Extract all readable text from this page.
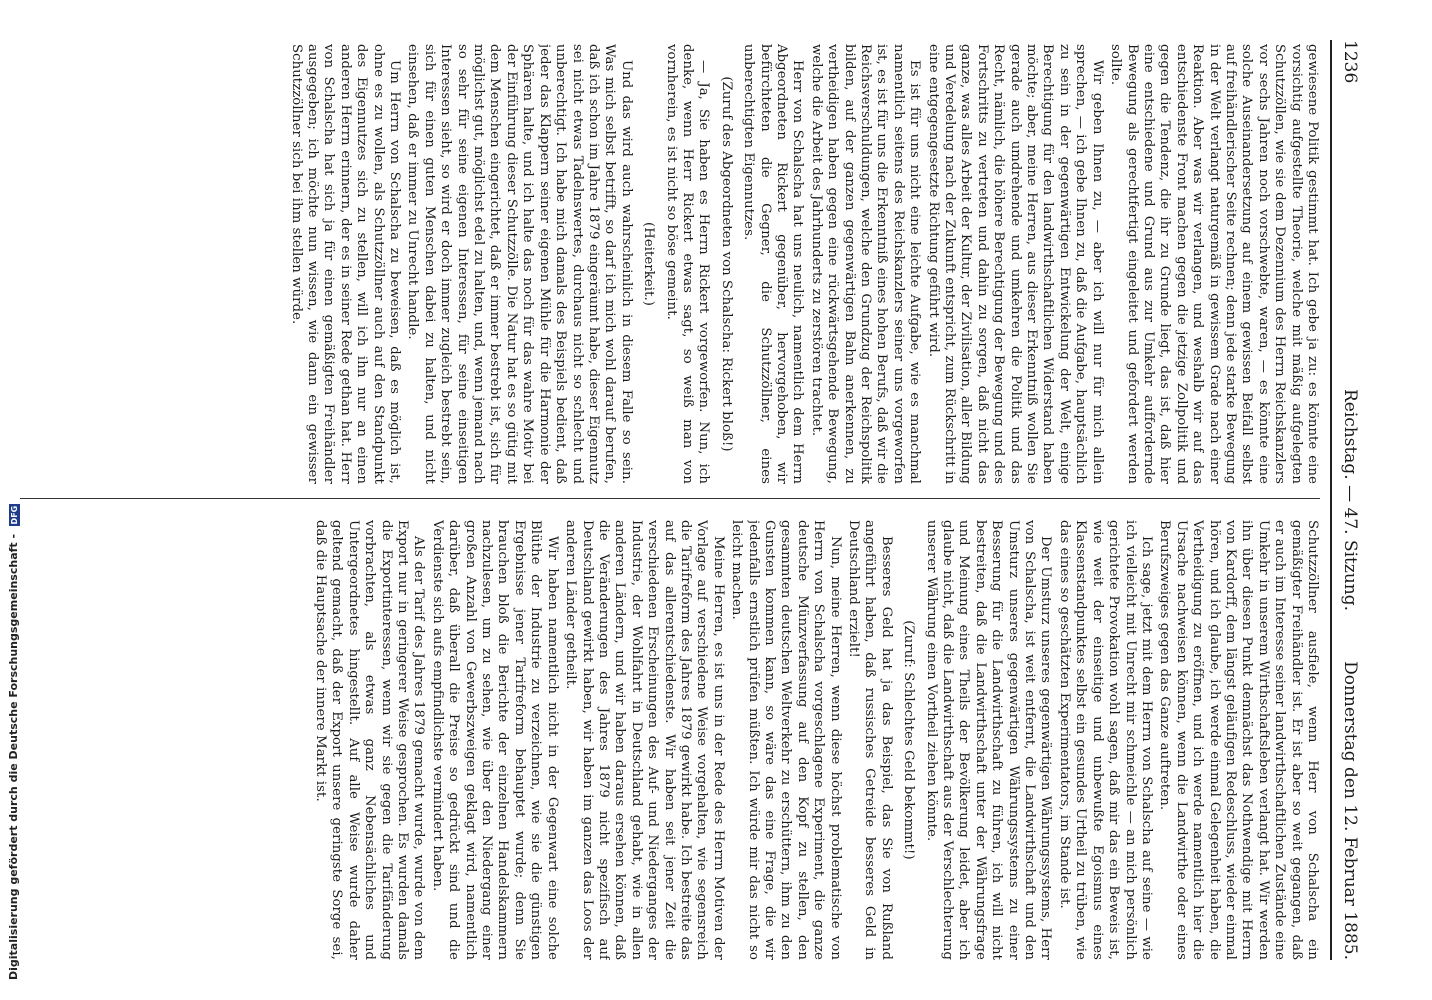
1236
Reichstag. — 47. Sitzung.
Donnerstag den 12. Februar 1885.

gewiesene Politik gestimmt hat. Ich gebe ja zu: es könnte eine vorsichtig aufgestellte Theorie, welche mit mäßig aufgelegten Schutzzöllen, wie sie dem Dezennium des Herrn Reichskanzlers vor sechs Jahren noch vorschwebte, waren, — es könnte eine solche Auseinandersetzung auf einem gewissen Beifall selbst auf freihändlerischer Seite rechnen; denn jede starke Bewegung in der Welt verlangt naturgemäß in gewissem Grade nach einer Reaktion. Aber was wir verlangen, und weshalb wir auf das entschiedenste Front machen gegen die jetzige Zollpolitik und gegen die Tendenz, die ihr zu Grunde liegt, das ist, daß hier eine entschiedene und Grund aus zur Umkehr auffordernde Bewegung als gerechtfertigt eingeleitet und gefordert werden sollte.

Wir geben Ihnen zu, — aber ich will nur für mich allein sprechen, — ich gebe Ihnen zu, daß die Aufgabe, hauptsächlich zu sein in der gegenwärtigen Entwickelung der Welt, einige Berechtigung für den landwirthschaftlichen Widerstand haben möchte; aber, meine Herren, aus dieser Erkenntniß wollen Sie gerade auch umdrehende und umkehren die Politik und das Recht, nämlich, die höhere Berechtigung der Bewegung und des Fortschritts zu vertreten und dahin zu sorgen, daß nicht das ganze, was alles Arbeit der Kultur, der Zivilisation, aller Bildung und Veredelung nach der Zukunft entspricht, zum Rückschritt in eine entgegengesetzte Richtung geführt wird.

Es ist für uns nicht eine leichte Aufgabe, wie es manchmal namentlich seitens des Reichskanzlers seiner uns vorgeworfen ist, es ist für uns die Erkenntniß eines hohen Berufs, daß wir die Reichsverschuldungen, welche den Grundzug der Reichspolitik bilden, auf der ganzen gegenwärtigen Bahn anerkennen, zu vertheidigen haben gegen eine rückwärtsgehende Bewegung, welche die Arbeit des Jahrhunderts zu zerstören trachtet.

Herr von Schalscha hat uns neulich, namentlich dem Herrn Abgeordneten Rickert gegenüber, hervorgehoben, wir befürchteten die Gegner, die Schutzzöllner, eines unberechtigten Eigennutzes.

(Zuruf des Abgeordneten von Schalscha: Rickert bloß!)

— Ja, Sie haben es Herrn Rickert vorgeworfen. Nun, ich denke, wenn Herr Rickert etwas sagt, so weiß man von vornherein, es ist nicht so böse gemeint.

(Heiterkeit.)

Und das wird auch wahrscheinlich in diesem Falle so sein. Was mich selbst betrifft, so darf ich mich wohl darauf berufen, daß ich schon im Jahre 1879 eingeräumt habe, dieser Eigennutz sei nicht etwas Tadelnswertes, durchaus nicht so schlecht und unberechtigt. Ich habe mich damals des Beispiels bedient, daß jeder das Klappern seiner eigenen Mühle für die Harmonie der Sphären halte, und ich halte das noch für das wahre Motiv bei der Einführung dieser Schutzzölle. Die Natur hat es so gütig mit dem Menschen eingerichtet, daß er immer bestrebt ist, sich für möglichst gut, möglichst edel zu halten, und, wenn jemand nach so sehr für seine eigenen Interessen, für seine einseitigen Interessen sieht, so wird er doch immer zugleich bestrebt sein, sich für einen guten Menschen dabei zu halten, und nicht einsehen, daß er immer zu Unrecht handle.

Um Herrn von Schalscha zu beweisen, daß es möglich ist, ohne es zu wollen, als Schutzzöllner auch auf den Standpunkt des Eigennutzes sich zu stellen, will ich ihn nur an einen anderen Herrn erinnern, der es in seiner Rede gethan hat. Herr von Schalscha hat sich ja für einen gemäßigten Freihändler ausgegeben; ich möchte nun wissen, wie dann ein gewisser Schutzzöllner sich bei ihm stellen würde.

Schutzzöllner ausfiele, wenn Herr von Schalscha ein gemäßigter Freihändler ist. Er ist aber so weit gegangen, daß er auch im Interesse seiner landwirthschaftlichen Zustände eine Umkehr in unserem Wirthschaftsleben verlangt hat. Wir werden ihn über diesen Punkt demnächst das Nothwendige mit Herrn von Kardorff, dem längst geläufigen Redeschluss, wieder einmal hören, und ich glaube, ich werde einmal Gelegenheit haben, die Vertheidigung zu eröffnen, und ich werde namentlich hier die Ursache nachweisen können, wenn die Landwirthe oder eines Berufszweiges gegen das Ganze auftreten.

Ich sage, jetzt mit dem Herrn von Schalscha auf seine — wie ich vielleicht mit Unrecht mir schmeichle — an mich persönlich gerichtete Provokation wohl sagen, daß mir das ein Beweis ist, wie weit der einseitige und unbewußte Egoismus eines Klassenstandpunktes selbst ein gesundes Urtheil zu trüben, wie das eines so geschätzten Experimentators, im Stande ist.

Der Umsturz unseres gegenwärtigen Währungssystems, Herr von Schalscha, ist weit entfernt, die Landwirthschaft und den Umsturz unseres gegenwärtigen Währungssystems zu einer Besserung für die Landwirthschaft zu führen, ich will nicht bestreiten, daß die Landwirthschaft unter der Währungsfrage und Meinung eines Theils der Bevölkerung leidet, aber ich glaube nicht, daß die Landwirthschaft aus der Verschlechterung unserer Währung einen Vortheil ziehen könnte.

(Zuruf: Schlechtes Geld bekommt!)

Besseres Geld hat ja das Beispiel, das Sie von Rußland angeführt haben, daß russisches Getreide besseres Geld in Deutschland erzielt!

Nun, meine Herren, wenn diese höchst problematische von Herrn von Schalscha vorgeschlagene Experiment, die ganze deutsche Münzverfassung auf den Kopf zu stellen, den gesammten deutschen Weltverkehr zu erschüttern, ihm zu den Gunsten kommen kann, so wäre das eine Frage, die wir jedenfalls ernstlich prüfen müßten. Ich würde mir das nicht so leicht machen.

Meine Herren, es ist uns in der Rede des Herrn Motiven der Vorlage auf verschiedene Weise vorgehalten, wie segensreich die Tarifreform des Jahres 1879 gewirkt habe. Ich bestreite das auf das allerentschiedenste. Wir haben seit jener Zeit die verschiedenen Erscheinungen des Auf- und Niederganges der Industrie, der Wohlfahrt in Deutschland gehabt, wie in allen anderen Ländern, und wir haben daraus ersehen können, daß die Veränderungen des Jahres 1879 nicht spezifisch auf Deutschland gewirkt haben, wir haben im ganzen das Loos der anderen Länder getheilt.

Wir haben namentlich nicht in der Gegenwart eine solche Blüthe der Industrie zu verzeichnen, wie sie die günstigen Ergebnisse jener Tarifreform behauptet wurde; denn Sie brauchen bloß die Berichte der einzelnen Handelskammern nachzulesen, um zu sehen, wie über den Niedergang einer großen Anzahl von Gewerbszweigen geklagt wird, namentlich darüber, daß überall die Preise so gedrückt sind und die Verdienste sich aufs empfindlichste vermindert haben.

Als der Tarif des Jahres 1879 gemacht wurde, wurde von dem Export nur in geringerer Weise gesprochen. Es wurden damals die Exportinteressen, wenn wir sie gegen die Tarifänderung vorbrachten, als etwas ganz Nebensächliches und Untergeordnetes hingestellt. Auf alle Weise wurde daher geltend gemacht, daß der Export unsere geringste Sorge sei, daß die Hauptsache der innere Markt ist.

Digitalisierung gefördert durch die Deutsche Forschungsgemeinschaft - DFG
